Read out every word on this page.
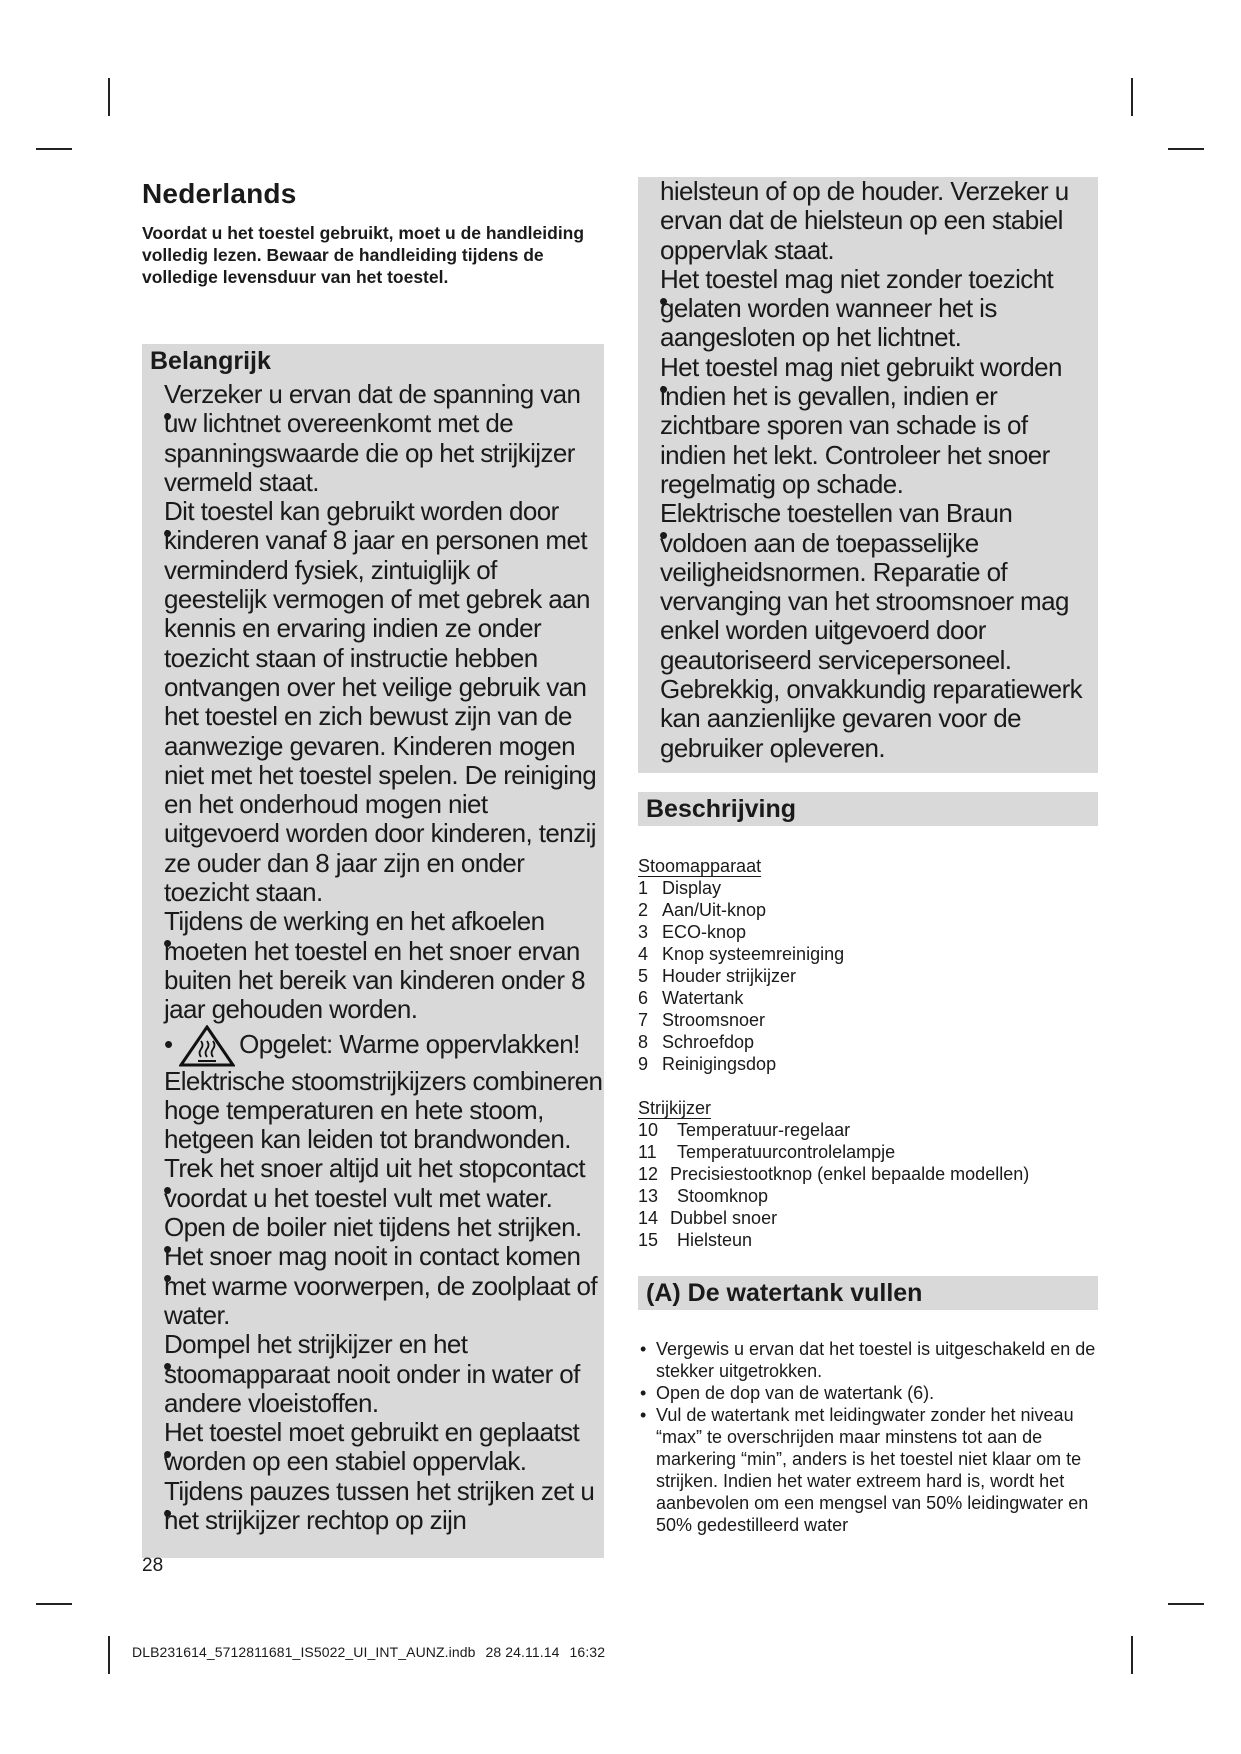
Nederlands

Voordat u het toestel gebruikt, moet u de handleiding volledig lezen. Bewaar de handleiding tijdens de volledige levensduur van het toestel.

Belangrijk

Verzeker u ervan dat de spanning van uw lichtnet overeenkomt met de spanningswaarde die op het strijkijzer vermeld staat.

Dit toestel kan gebruikt worden door kinderen vanaf 8 jaar en personen met verminderd fysiek, zintuiglijk of geestelijk vermogen of met gebrek aan kennis en ervaring indien ze onder toezicht staan of instructie hebben ontvangen over het veilige gebruik van het toestel en zich bewust zijn van de aanwezige gevaren. Kinderen mogen niet met het toestel spelen. De reiniging en het onderhoud mogen niet uitgevoerd worden door kinderen, tenzij ze ouder dan 8 jaar zijn en onder toezicht staan.

Tijdens de werking en het afkoelen moeten het toestel en het snoer ervan buiten het bereik van kinderen onder 8 jaar gehouden worden.

•	Opgelet: Warme oppervlakken! Elektrische stoomstrijkijzers combineren hoge temperaturen en hete stoom, hetgeen kan leiden tot brandwonden.

Trek het snoer altijd uit het stopcontact voordat u het toestel vult met water.

Open de boiler niet tijdens het strijken.

Het snoer mag nooit in contact komen met warme voorwerpen, de zoolplaat of water.

Dompel het strijkijzer en het stoomapparaat nooit onder in water of andere vloeistoffen.

Het toestel moet gebruikt en geplaatst worden op een stabiel oppervlak.

Tijdens pauzes tussen het strijken zet u het strijkijzer rechtop op zijn

28

hielsteun of op de houder. Verzeker u ervan dat de hielsteun op een stabiel oppervlak staat.

Het toestel mag niet zonder toezicht gelaten worden wanneer het is aangesloten op het lichtnet.

Het toestel mag niet gebruikt worden indien het is gevallen, indien er zichtbare sporen van schade is of indien het lekt. Controleer het snoer regelmatig op schade.

Elektrische toestellen van Braun voldoen aan de toepasselijke veiligheidsnormen. Reparatie of vervanging van het stroomsnoer mag enkel worden uitgevoerd door geautoriseerd servicepersoneel. Gebrekkig, onvakkundig reparatiewerk kan aanzienlijke gevaren voor de gebruiker opleveren.

Beschrijving
Stoomapparaat
1 Display
2 Aan/Uit-knop
3 ECO-knop
4 Knop systeemreiniging
5 Houder strijkijzer
6 Watertank
7 Stroomsnoer
8 Schroefdop
9 Reinigingsdop
Strijkijzer
10 Temperatuur-regelaar
11 Temperatuurcontrolelampje
12 Precisiestootknop (enkel bepaalde modellen)
13 Stoomknop
14 Dubbel snoer
15 Hielsteun
(A) De watertank vullen
• Vergewis u ervan dat het toestel is uitgeschakeld en de stekker uitgetrokken.
• Open de dop van de watertank (6).
• Vul de watertank met leidingwater zonder het niveau “max” te overschrijden maar minstens tot aan de markering “min”, anders is het toestel niet klaar om te strijken. Indien het water extreem hard is, wordt het aanbevolen om een mengsel van 50% leidingwater en 50% gedestilleerd water
DLB231614_5712811681_IS5022_UI_INT_AUNZ.indb 28 24.11.14 16:32
